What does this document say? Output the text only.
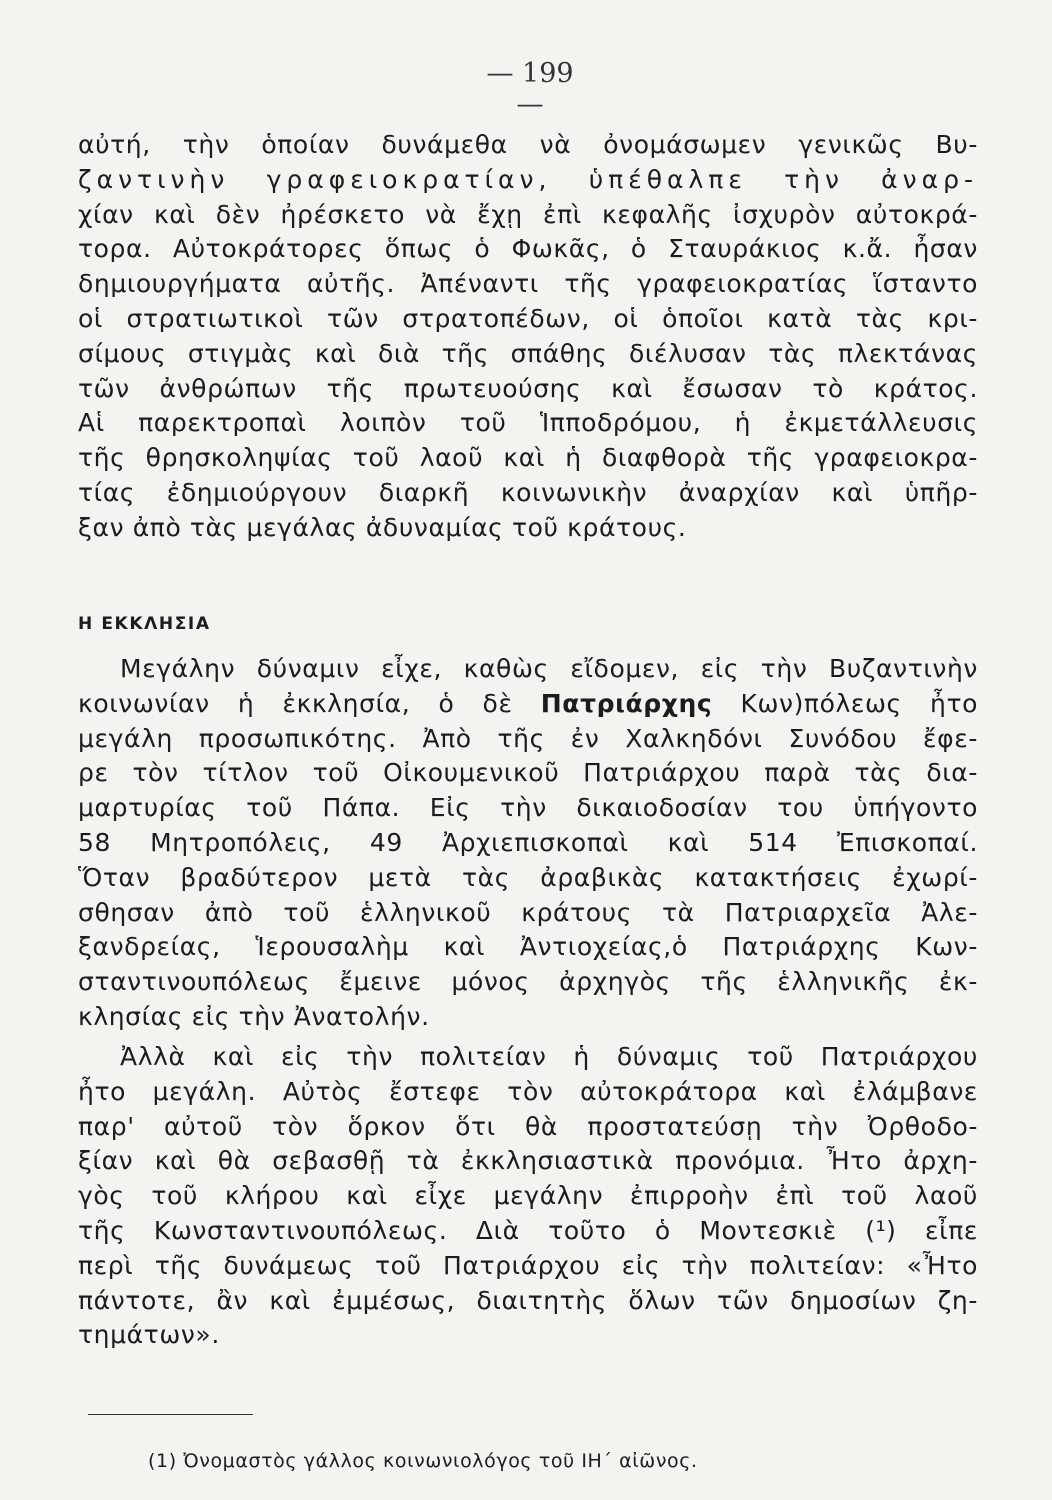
— 199 —
αὐτή, τὴν ὁποίαν δυνάμεθα νὰ ὀνομάσωμεν γενικῶς Βυ-
ζαντινὴν γραφειοκρατίαν, ὑπέθαλπε τὴν ἀναρ-
χίαν καὶ δὲν ἠρέσκετο νὰ ἔχῃ ἐπὶ κεφαλῆς ἰσχυρὸν αὐτοκρά-
τορα. Αὐτοκράτορες ὅπως ὁ Φωκᾶς, ὁ Σταυράκιος κ.ἄ. ἦσαν
δημιουργήματα αὐτῆς. Ἀπέναντι τῆς γραφειοκρατίας ἵσταντο
οἱ στρατιωτικοὶ τῶν στρατοπέδων, οἱ ὁποῖοι κατὰ τὰς κρι-
σίμους στιγμὰς καὶ διὰ τῆς σπάθης διέλυσαν τὰς πλεκτάνας
τῶν ἀνθρώπων τῆς πρωτευούσης καὶ ἔσωσαν τὸ κράτος.
Αἱ παρεκτροπαὶ λοιπὸν τοῦ Ἱπποδρόμου, ἡ ἐκμετάλλευσις
τῆς θρησκοληψίας τοῦ λαοῦ καὶ ἡ διαφθορὰ τῆς γραφειοκρα-
τίας ἐδημιούργουν διαρκῆ κοινωνικὴν ἀναρχίαν καὶ ὑπῆρ-
ξαν ἀπὸ τὰς μεγάλας ἀδυναμίας τοῦ κράτους.
Η ΕΚΚΛΗΣΙΑ
Μεγάλην δύναμιν εἶχε, καθὼς εἴδομεν, εἰς τὴν Βυζαντινὴν
κοινωνίαν ἡ ἐκκλησία, ὁ δὲ Πατριάρχης Κων)πόλεως ἦτο
μεγάλη προσωπικότης. Ἀπὸ τῆς ἐν Χαλκηδόνι Συνόδου ἔφε-
ρε τὸν τίτλον τοῦ Οἰκουμενικοῦ Πατριάρχου παρὰ τὰς δια-
μαρτυρίας τοῦ Πάπα. Εἰς τὴν δικαιοδοσίαν του ὑπήγοντο
58 Μητροπόλεις, 49 Ἀρχιεπισκοπαὶ καὶ 514 Ἐπισκοπαί.
Ὅταν βραδύτερον μετὰ τὰς ἀραβικὰς κατακτήσεις ἐχωρί-
σθησαν ἀπὸ τοῦ ἑλληνικοῦ κράτους τὰ Πατριαρχεῖα Ἀλε-
ξανδρείας, Ἱερουσαλὴμ καὶ Ἀντιοχείας,ὁ Πατριάρχης Κων-
σταντινουπόλεως ἔμεινε μόνος ἀρχηγὸς τῆς ἑλληνικῆς ἐκ-
κλησίας εἰς τὴν Ἀνατολήν.
Ἀλλὰ καὶ εἰς τὴν πολιτείαν ἡ δύναμις τοῦ Πατριάρχου
ἦτο μεγάλη. Αὐτὸς ἔστεφε τὸν αὐτοκράτορα καὶ ἐλάμβανε
παρ' αὐτοῦ τὸν ὅρκον ὅτι θὰ προστατεύσῃ τὴν Ὀρθοδο-
ξίαν καὶ θὰ σεβασθῇ τὰ ἐκκλησιαστικὰ προνόμια. Ἦτο ἀρχη-
γὸς τοῦ κλήρου καὶ εἶχε μεγάλην ἐπιρροὴν ἐπὶ τοῦ λαοῦ
τῆς Κωνσταντινουπόλεως. Διὰ τοῦτο ὁ Μοντεσκιὲ (¹) εἶπε
περὶ τῆς δυνάμεως τοῦ Πατριάρχου εἰς τὴν πολιτείαν: «Ἦτο
πάντοτε, ἂν καὶ ἐμμέσως, διαιτητὴς ὅλων τῶν δημοσίων ζη-
τημάτων».
(1) Ὀνομαστὸς γάλλος κοινωνιολόγος τοῦ ΙΗ΄ αἰῶνος.
